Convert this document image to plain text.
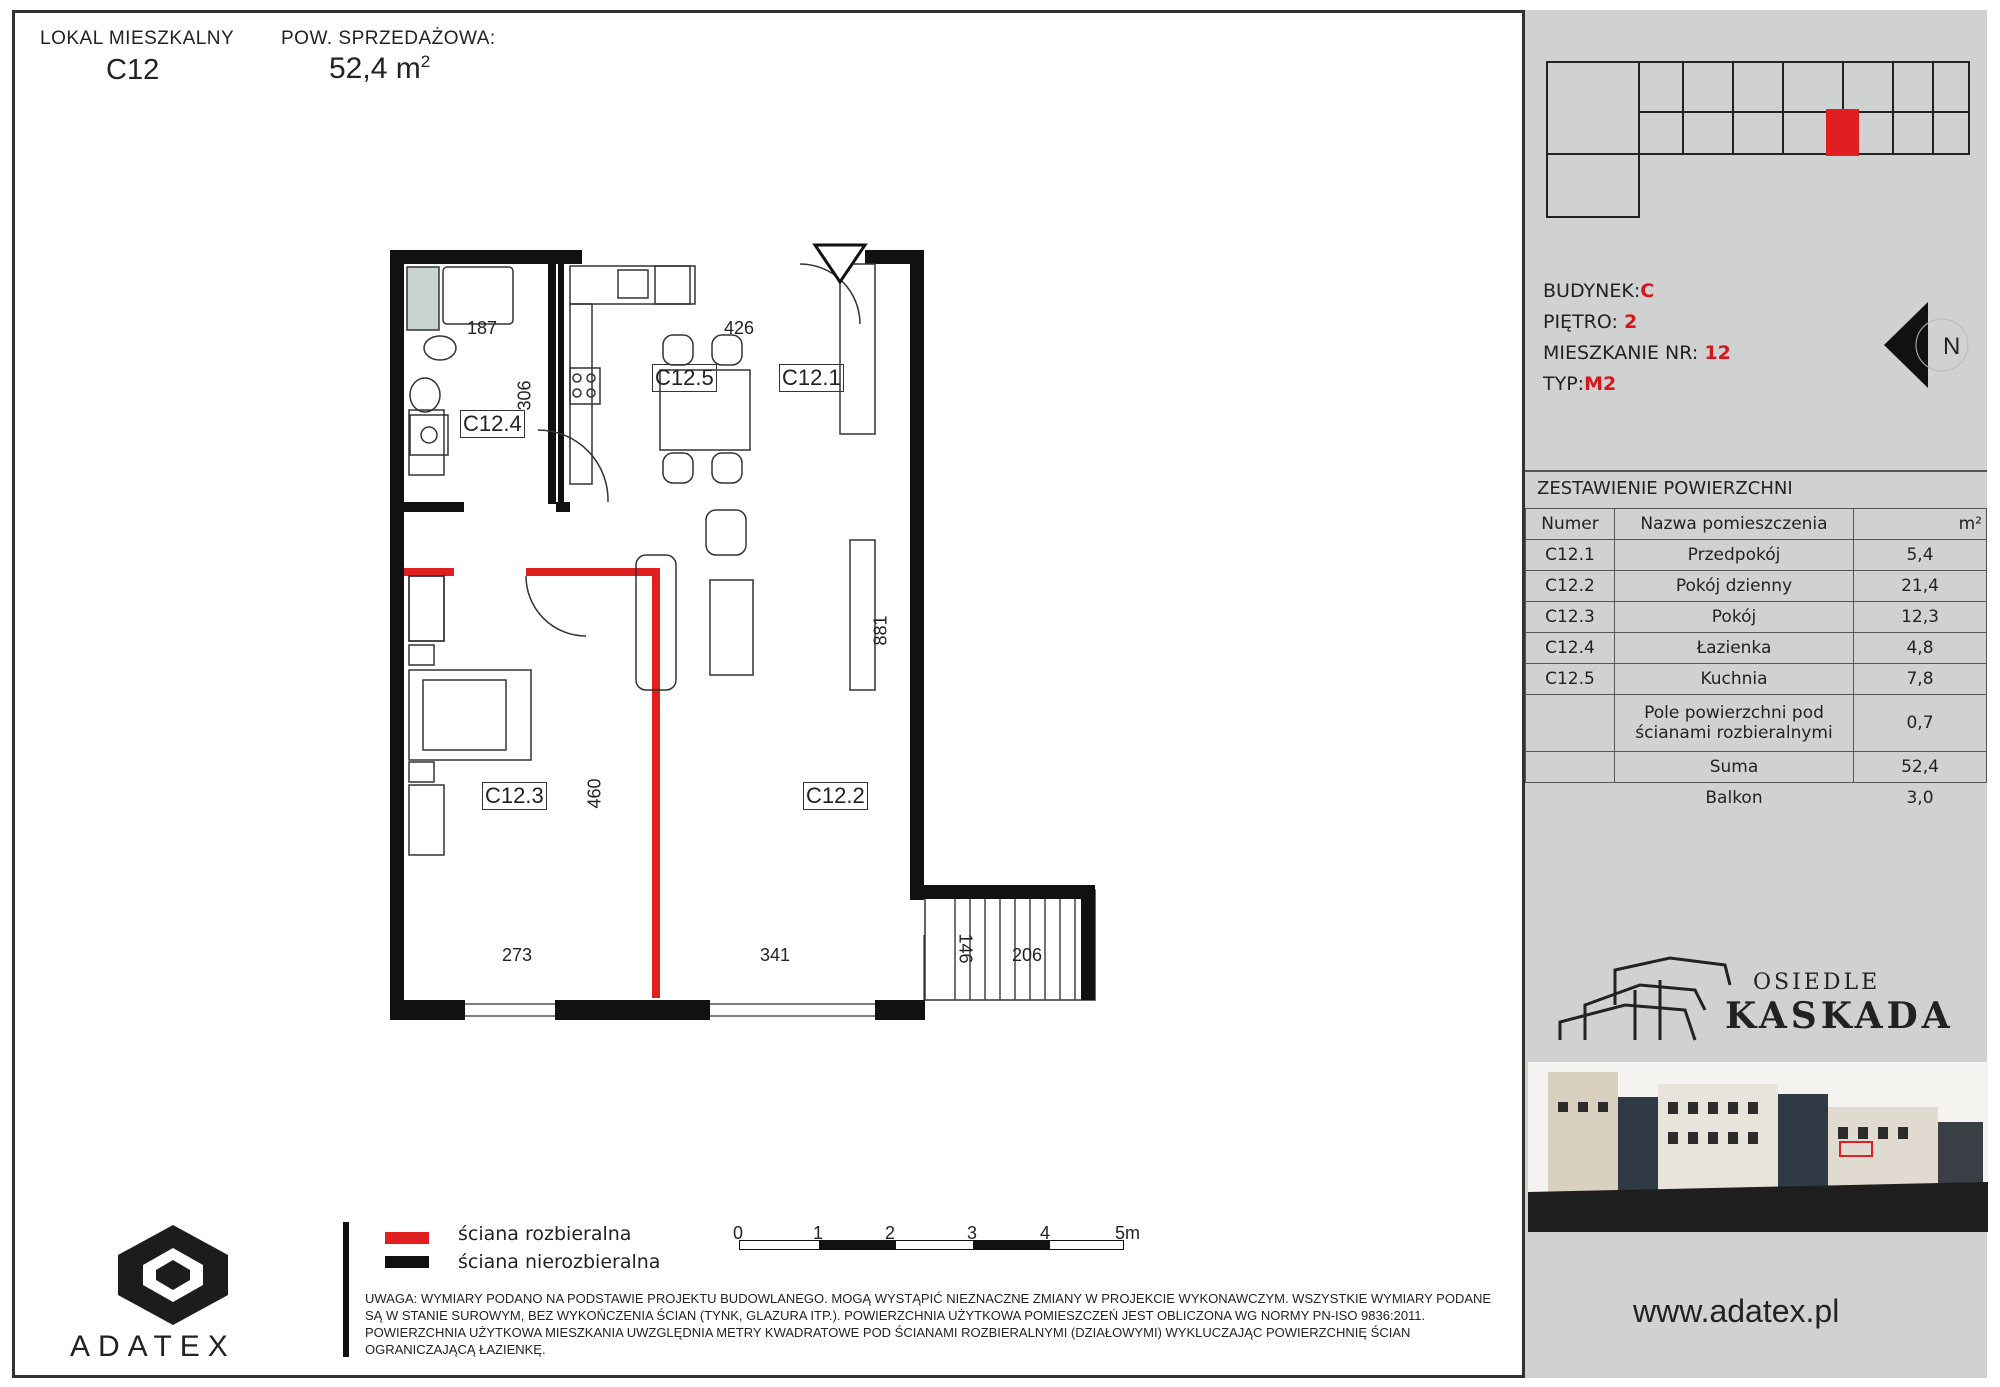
LOKAL MIESZKALNY
C12
POW. SPRZEDAŻOWA:
52,4 $m^2$
C12.5	C12.1
C12.4
C12.3	C12.2
187	426
306
881
460
273	341	146 206
ADATEX
ściana rozbieralna
ściana nierozbieralna
0	1	2	3	4	5m
UWAGA: WYMIARY PODANO NA PODSTAWIE PROJEKTU BUDOWLANEGO. MOGĄ WYSTĄPIĆ NIEZNACZNE ZMIANY W PROJEKCIE WYKONAWCZYM. WSZYSTKIE WYMIARY PODANE SĄ W STANIE SUROWYM, BEZ WYKOŃCZENIA ŚCIAN (TYNK, GLAZURA ITP.). POWIERZCHNIA UŻYTKOWA POMIESZCZEŃ JEST OBLICZONA WG NORMY PN-ISO 9836:2011. POWIERZCHNIA UŻYTKOWA MIESZKANIA UWZGLĘDNIA METRY KWADRATOWE POD ŚCIANAMI ROZBIERALNYMI (DZIAŁOWYMI) WYKLUCZAJĄC POWIERZCHNIĘ ŚCIAN OGRANICZAJĄCĄ ŁAZIENKĘ.
BUDYNEK:C
PIĘTRO: 2
MIESZKANIE NR: 12
TYP:M2
N
ZESTAWIENIE POWIERZCHNI
Numer	Nazwa pomieszczenia	m²
C12.1	Przedpokój	5,4
C12.2	Pokój dzienny	21,4
C12.3	Pokój	12,3
C12.4	Łazienka	4,8
C12.5	Kuchnia	7,8
	Pole powierzchni pod ścianami rozbieralnymi	0,7
	Suma	52,4
	Balkon	3,0
OSIEDLE
KASKADA
www.adatex.pl
